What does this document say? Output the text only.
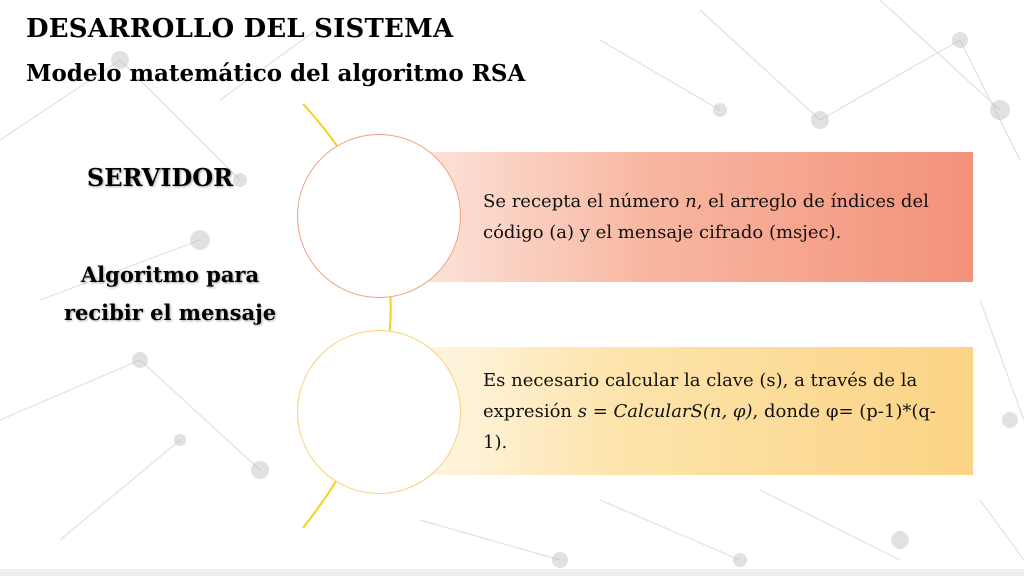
DESARROLLO DEL SISTEMA
Modelo matemático del algoritmo RSA
SERVIDOR
Algoritmo para recibir el mensaje
Se recepta el número n, el arreglo de índices del código (a) y el mensaje cifrado (msjec).
Es necesario calcular la clave (s), a través de la expresión s = CalcularS(n, φ), donde φ= (p-1)*(q-1).
